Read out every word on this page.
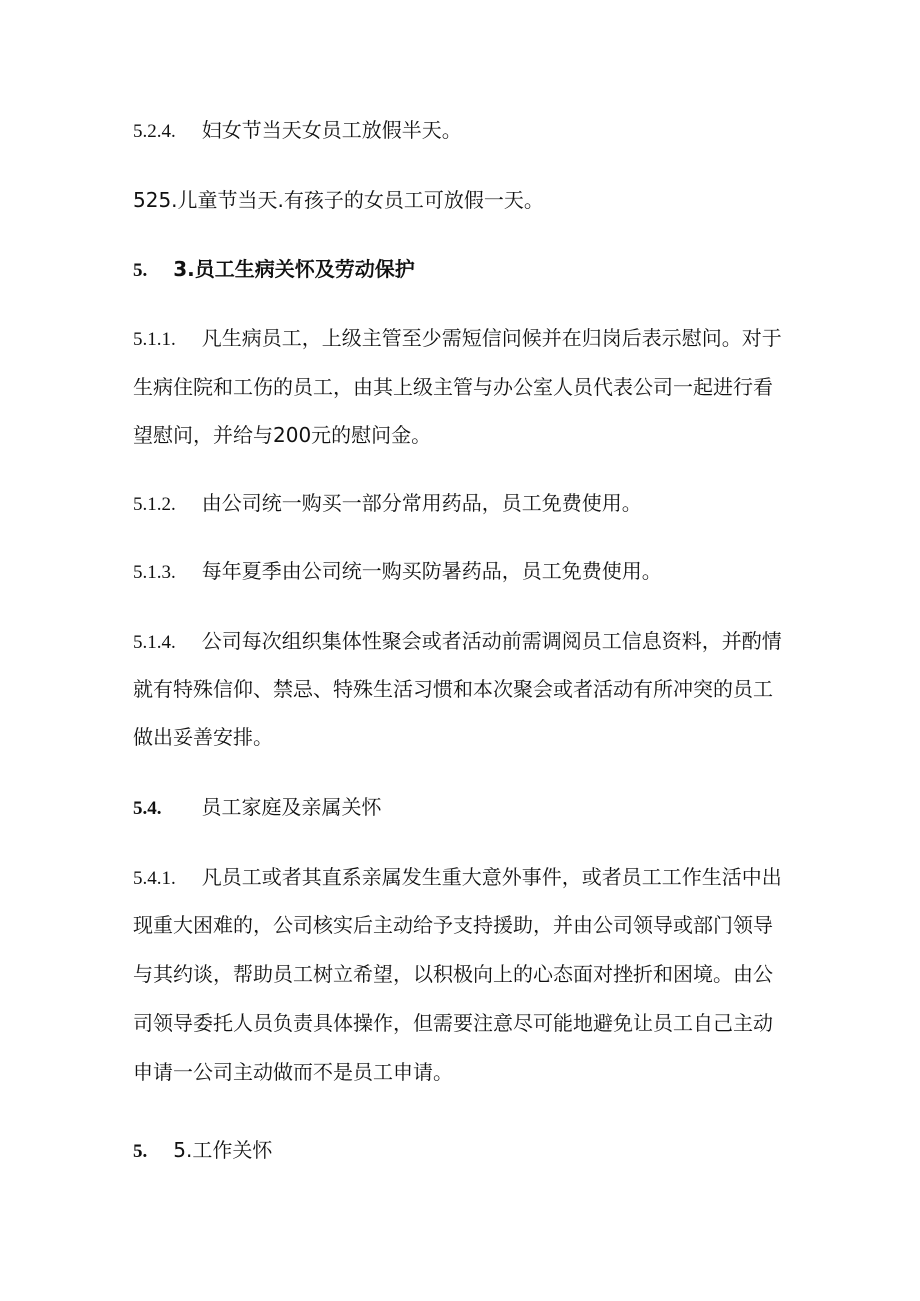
5.2.4. 妇女节当天女员工放假半天。
525.儿童节当天.有孩子的女员工可放假一天。
5. 3.员工生病关怀及劳动保护
5.1.1. 凡生病员工，上级主管至少需短信问候并在归岗后表示慰问。对于
生病住院和工伤的员工，由其上级主管与办公室人员代表公司一起进行看
望慰问，并给与200元的慰问金。
5.1.2. 由公司统一购买一部分常用药品，员工免费使用。
5.1.3. 每年夏季由公司统一购买防暑药品，员工免费使用。
5.1.4. 公司每次组织集体性聚会或者活动前需调阅员工信息资料，并酌情
就有特殊信仰、禁忌、特殊生活习惯和本次聚会或者活动有所冲突的员工
做出妥善安排。
5.4. 员工家庭及亲属关怀
5.4.1. 凡员工或者其直系亲属发生重大意外事件，或者员工工作生活中出
现重大困难的，公司核实后主动给予支持援助，并由公司领导或部门领导
与其约谈，帮助员工树立希望，以积极向上的心态面对挫折和困境。由公
司领导委托人员负责具体操作，但需要注意尽可能地避免让员工自己主动
申请一公司主动做而不是员工申请。
5. 5.工作关怀
